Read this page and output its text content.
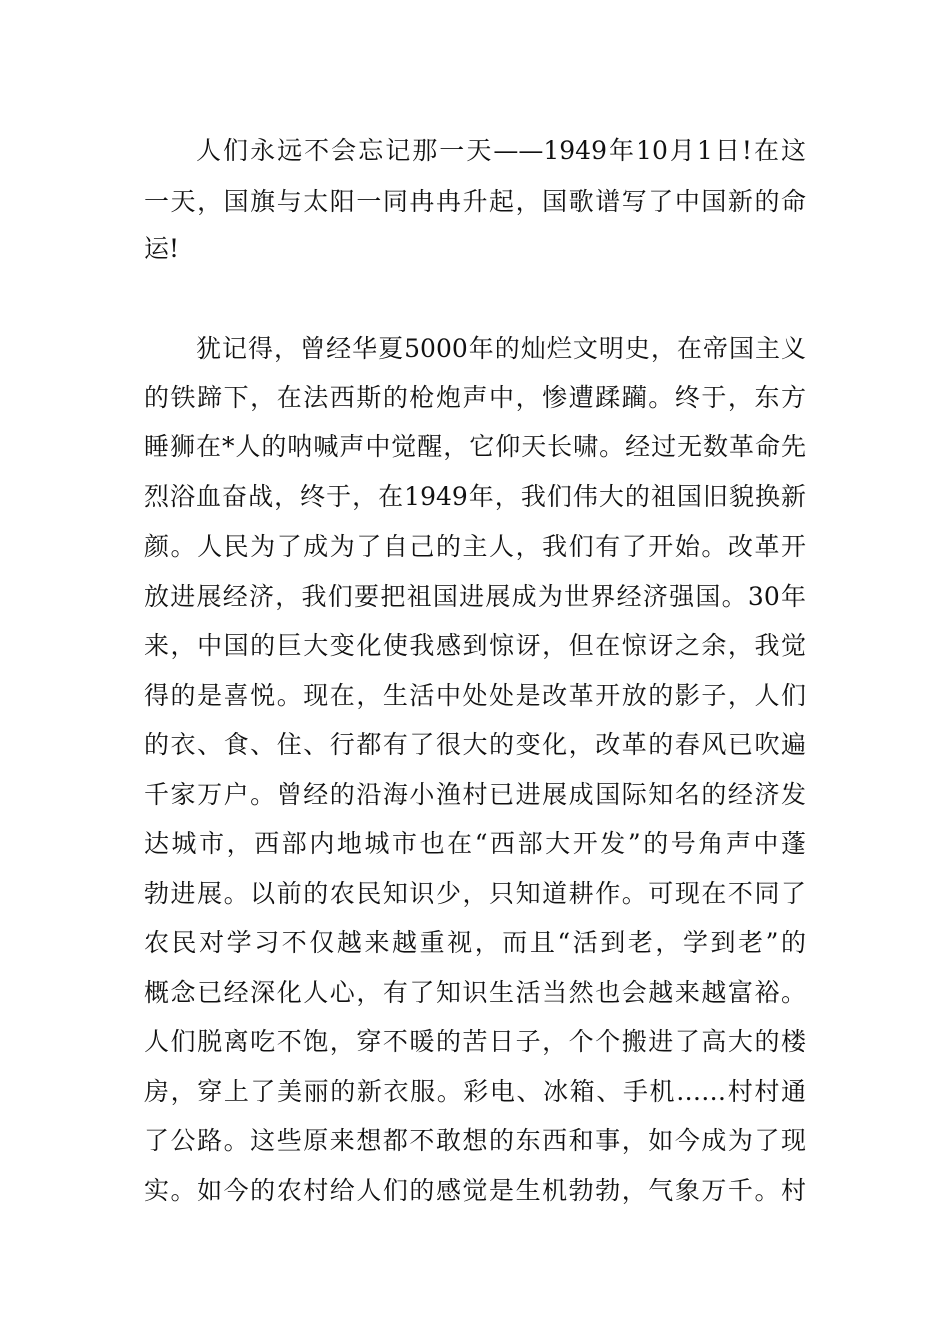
人们永远不会忘记那一天——1949年10月1日!在这
一天，国旗与太阳一同冉冉升起，国歌谱写了中国新的命
运!
犹记得，曾经华夏5000年的灿烂文明史，在帝国主义
的铁蹄下，在法西斯的枪炮声中，惨遭蹂躏。终于，东方
睡狮在*人的呐喊声中觉醒，它仰天长啸。经过无数革命先
烈浴血奋战，终于，在1949年，我们伟大的祖国旧貌换新
颜。人民为了成为了自己的主人，我们有了开始。改革开
放进展经济，我们要把祖国进展成为世界经济强国。30年
来，中国的巨大变化使我感到惊讶，但在惊讶之余，我觉
得的是喜悦。现在，生活中处处是改革开放的影子，人们
的衣、食、住、行都有了很大的变化，改革的春风已吹遍
千家万户。曾经的沿海小渔村已进展成国际知名的经济发
达城市，西部内地城市也在“西部大开发”的号角声中蓬
勃进展。以前的农民知识少，只知道耕作。可现在不同了
农民对学习不仅越来越重视，而且“活到老，学到老”的
概念已经深化人心，有了知识生活当然也会越来越富裕。
人们脱离吃不饱，穿不暖的苦日子，个个搬进了高大的楼
房，穿上了美丽的新衣服。彩电、冰箱、手机……村村通
了公路。这些原来想都不敢想的东西和事，如今成为了现
实。如今的农村给人们的感觉是生机勃勃，气象万千。村
